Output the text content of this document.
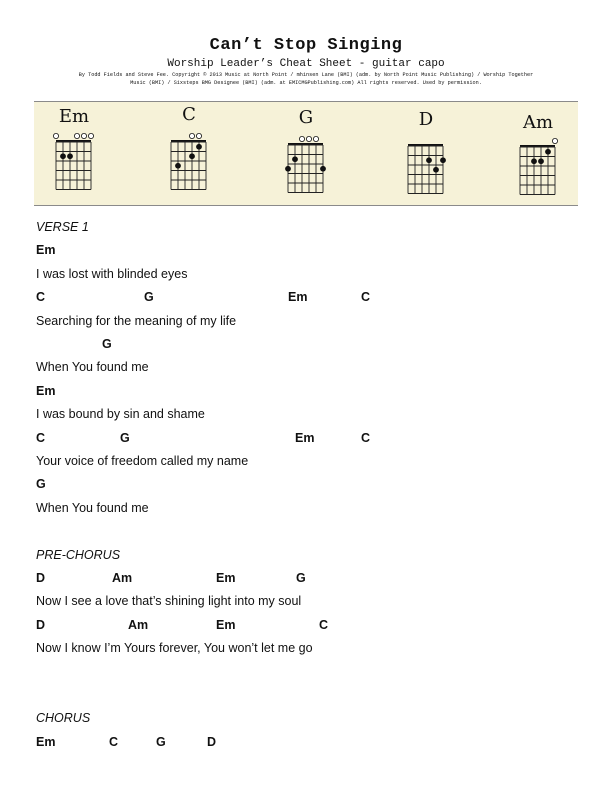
Can’t Stop Singing
Worship Leader’s Cheat Sheet - guitar capo
By Todd Fields and Steve Fee. Copyright © 2013 Music at North Point / mhinsen Lane (BMI) (adm. by North Point Music Publishing) / Worship Together
Music (BMI) / Sixsteps BMG Designee (BMI) (adm. at EMICMGPublishing.com) All rights reserved. Used by permission.
Em	C	G	D	Am
VERSE 1
Em
I was lost with blinded eyes
C	G	Em	C
Searching for the meaning of my life
G
When You found me
Em
I was bound by sin and shame
C	G	Em	C
Your voice of freedom called my name
G
When You found me
PRE-CHORUS
D	Am	Em	G
Now I see a love that’s shining light into my soul
D	Am	Em	C
Now I know I’m Yours forever, You won’t let me go
CHORUS
Em	C	G	D
